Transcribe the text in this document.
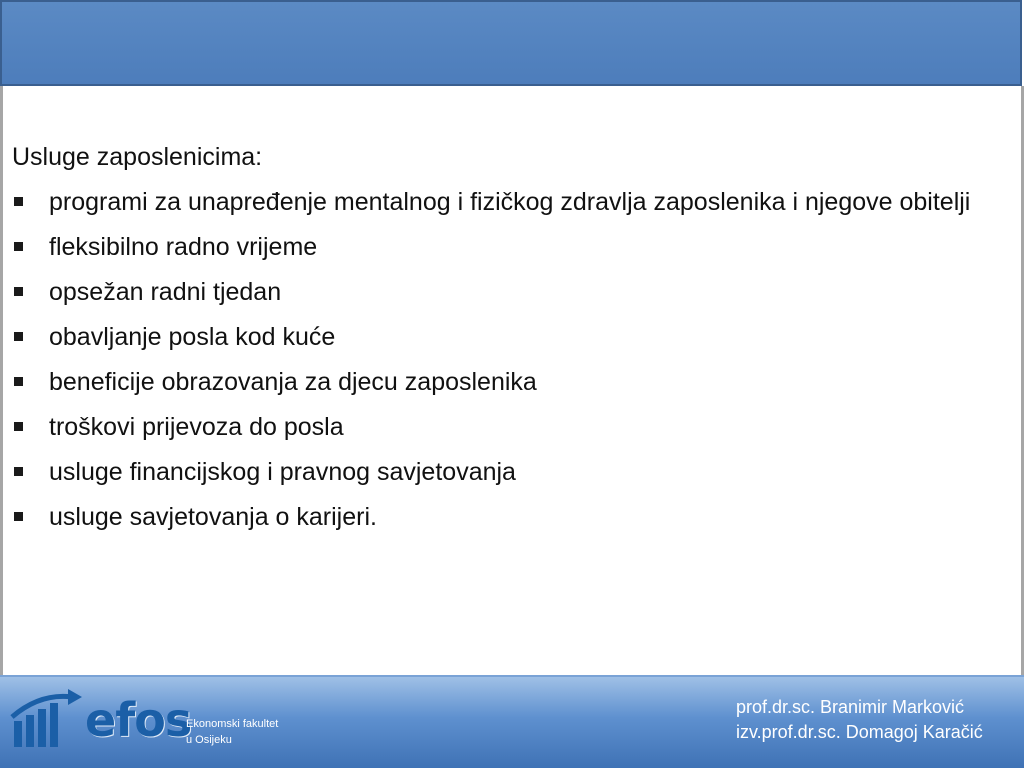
Usluge zaposlenicima:
programi za unapređenje mentalnog i fizičkog zdravlja zaposlenika i njegove obitelji
fleksibilno radno vrijeme
opsežan radni tjedan
obavljanje posla kod kuće
beneficije obrazovanja za djecu zaposlenika
troškovi prijevoza do posla
usluge financijskog i pravnog savjetovanja
usluge savjetovanja o karijeri.
efos
Ekonomski fakultet
u Osijeku
prof.dr.sc. Branimir Marković
izv.prof.dr.sc. Domagoj Karačić
